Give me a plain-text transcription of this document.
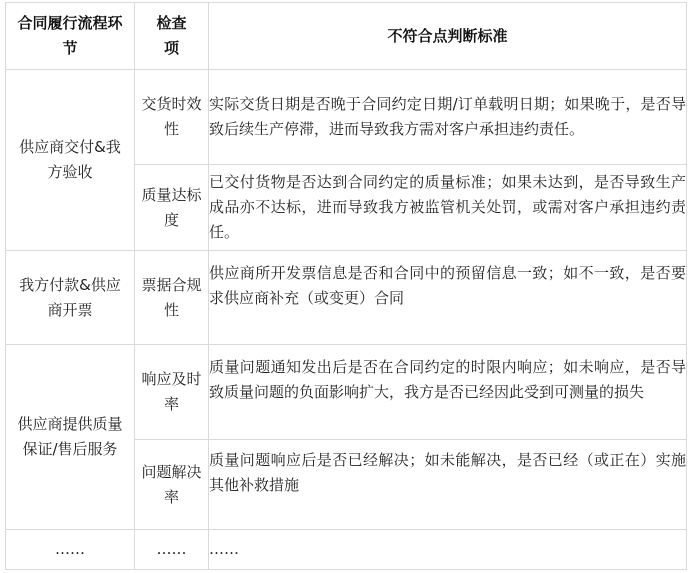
合同履行流程环节	检查项	不符合点判断标准

供应商交付&我方验收	交货时效性	实际交货日期是否晚于合同约定日期/订单载明日期；如果晚于，是否导致后续生产停滞，进而导致我方需对客户承担违约责任。

	质量达标度	已交付货物是否达到合同约定的质量标准；如果未达到，是否导致生产成品亦不达标，进而导致我方被监管机关处罚，或需对客户承担违约责任。

我方付款&供应商开票	票据合规性	供应商所开发票信息是否和合同中的预留信息一致；如不一致，是否要求供应商补充（或变更）合同

供应商提供质量保证/售后服务	响应及时率	质量问题通知发出后是否在合同约定的时限内响应；如未响应，是否导致质量问题的负面影响扩大，我方是否已经因此受到可测量的损失

	问题解决率	质量问题响应后是否已经解决；如未能解决，是否已经（或正在）实施其他补救措施

……	……	……
